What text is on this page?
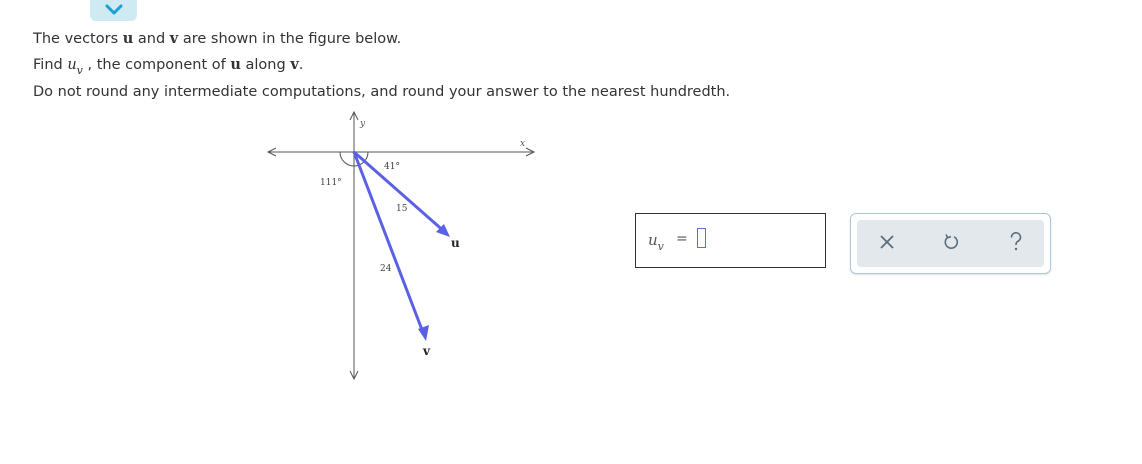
The vectors u and v are shown in the figure below.
Find $u_v$ , the component of u along v.
Do not round any intermediate computations, and round your answer to the nearest hundredth.
x
y
111°
41°
15
24
u
v
$u_v$ =
